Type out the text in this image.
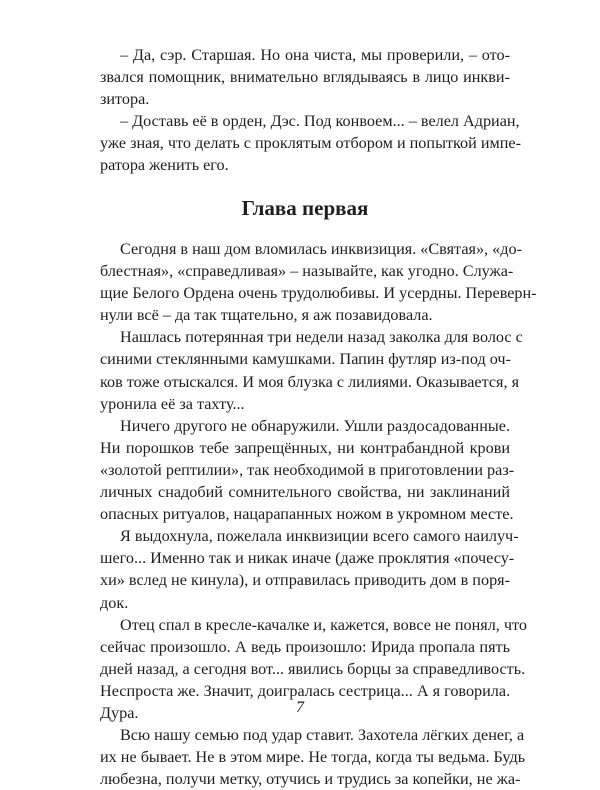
– Да, сэр. Старшая. Но она чиста, мы проверили, – ото-
звался помощник, внимательно вглядываясь в лицо инкви-
зитора.

– Доставь её в орден, Дэс. Под конвоем... – велел Адриан,
уже зная, что делать с проклятым отбором и попыткой импе-
ратора женить его.

Глава первая

Сегодня в наш дом вломилась инквизиция. «Святая», «до-
блестная», «справедливая» – называйте, как угодно. Служа-
щие Белого Ордена очень трудолюбивы. И усердны. Переверн-
нули всё – да так тщательно, я аж позавидовала.

Нашлась потерянная три недели назад заколка для волос с
синими стеклянными камушками. Папин футляр из-под оч-
ков тоже отыскался. И моя блузка с лилиями. Оказывается, я
уронила её за тахту...

Ничего другого не обнаружили. Ушли раздосадованные.
Ни порошков тебе запрещённых, ни контрабандной крови
«золотой рептилии», так необходимой в приготовлении раз-
личных снадобий сомнительного свойства, ни заклинаний
опасных ритуалов, нацарапанных ножом в укромном месте.

Я выдохнула, пожелала инквизиции всего самого наилуч-
шего... Именно так и никак иначе (даже проклятия «почесу-
хи» вслед не кинула), и отправилась приводить дом в поря-
док.

Отец спал в кресле-качалке и, кажется, вовсе не понял, что
сейчас произошло. А ведь произошло: Ирида пропала пять
дней назад, а сегодня вот... явились борцы за справедливость.
Неспроста же. Значит, доигралась сестрица... А я говорила.
Дура.

Всю нашу семью под удар ставит. Захотела лёгких денег, а
их не бывает. Не в этом мире. Не тогда, когда ты ведьма. Будь
любезна, получи метку, отучись и трудись за копейки, не жа-

7
